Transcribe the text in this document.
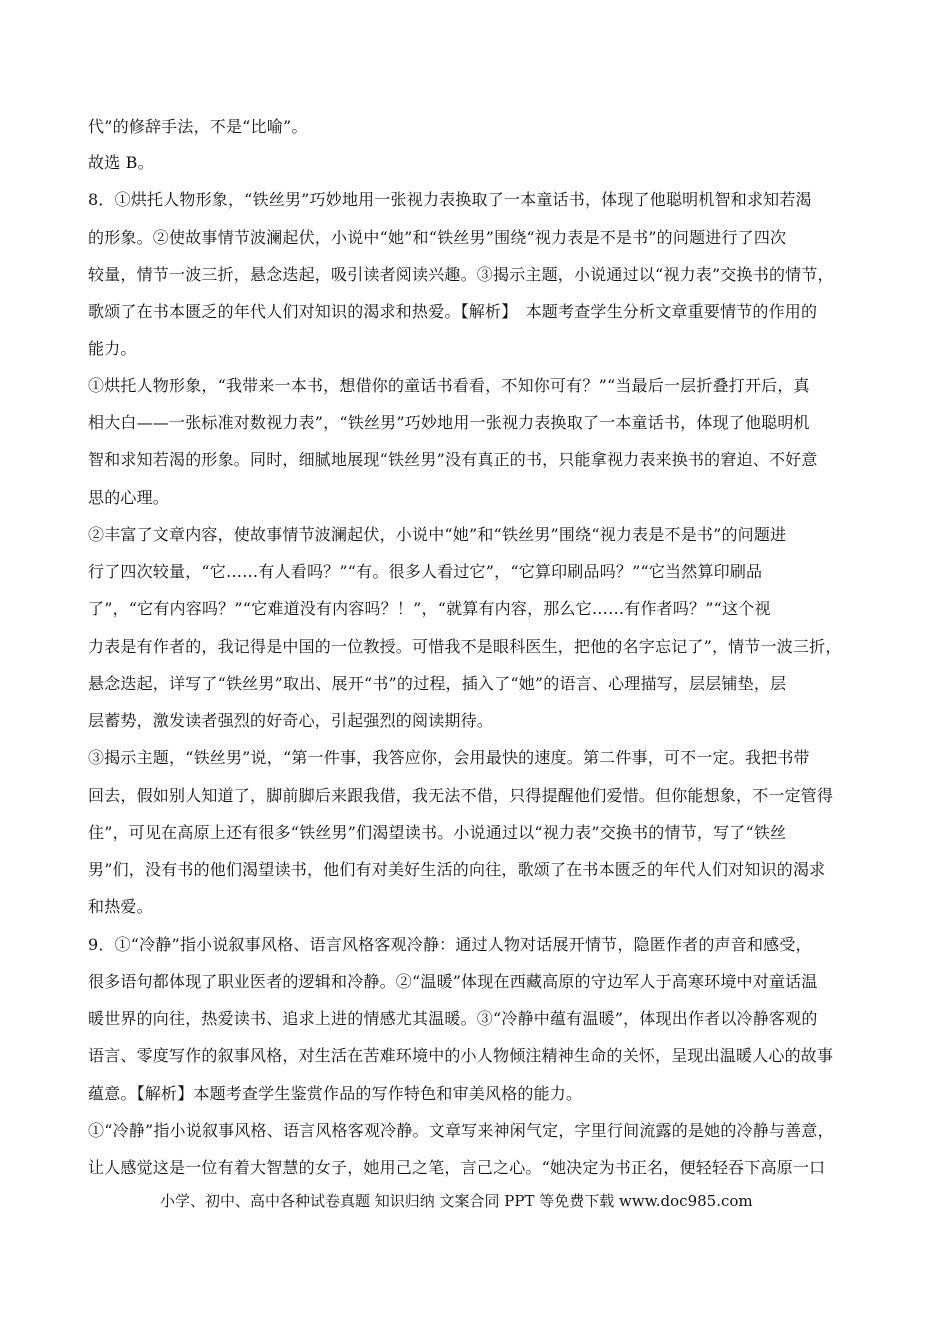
代”的修辞手法，不是“比喻”。
故选 B。
8．①烘托人物形象，“铁丝男”巧妙地用一张视力表换取了一本童话书，体现了他聪明机智和求知若渴
的形象。②使故事情节波澜起伏，小说中“她”和“铁丝男”围绕“视力表是不是书”的问题进行了四次
较量，情节一波三折，悬念迭起，吸引读者阅读兴趣。③揭示主题，小说通过以“视力表”交换书的情节，
歌颂了在书本匮乏的年代人们对知识的渴求和热爱。【解析】　本题考查学生分析文章重要情节的作用的
能力。
①烘托人物形象，“我带来一本书，想借你的童话书看看，不知你可有？”“当最后一层折叠打开后，真
相大白——一张标准对数视力表”，“铁丝男”巧妙地用一张视力表换取了一本童话书，体现了他聪明机
智和求知若渴的形象。同时，细腻地展现“铁丝男”没有真正的书，只能拿视力表来换书的窘迫、不好意
思的心理。
②丰富了文章内容，使故事情节波澜起伏，小说中“她”和“铁丝男”围绕“视力表是不是书”的问题进
行了四次较量，“它……有人看吗？”“有。很多人看过它”，“它算印刷品吗？”“它当然算印刷品
了”，“它有内容吗？”“它难道没有内容吗？！”，“就算有内容，那么它……有作者吗？”“这个视
力表是有作者的，我记得是中国的一位教授。可惜我不是眼科医生，把他的名字忘记了”，情节一波三折，
悬念迭起，详写了“铁丝男”取出、展开“书”的过程，插入了“她”的语言、心理描写，层层铺垫，层
层蓄势，激发读者强烈的好奇心，引起强烈的阅读期待。
③揭示主题，“铁丝男”说，“第一件事，我答应你，会用最快的速度。第二件事，可不一定。我把书带
回去，假如别人知道了，脚前脚后来跟我借，我无法不借，只得提醒他们爱惜。但你能想象，不一定管得
住”，可见在高原上还有很多“铁丝男”们渴望读书。小说通过以“视力表”交换书的情节，写了“铁丝
男”们，没有书的他们渴望读书，他们有对美好生活的向往，歌颂了在书本匮乏的年代人们对知识的渴求
和热爱。
9．①“冷静”指小说叙事风格、语言风格客观冷静：通过人物对话展开情节，隐匿作者的声音和感受，
很多语句都体现了职业医者的逻辑和冷静。②“温暖”体现在西藏高原的守边军人于高寒环境中对童话温
暖世界的向往，热爱读书、追求上进的情感尤其温暖。③“冷静中蕴有温暖”，体现出作者以冷静客观的
语言、零度写作的叙事风格，对生活在苦难环境中的小人物倾注精神生命的关怀，呈现出温暖人心的故事
蕴意。【解析】本题考查学生鉴赏作品的写作特色和审美风格的能力。
①“冷静”指小说叙事风格、语言风格客观冷静。文章写来神闲气定，字里行间流露的是她的冷静与善意，
让人感觉这是一位有着大智慧的女子，她用己之笔，言己之心。“她决定为书正名，便轻轻吞下高原一口
小学、初中、高中各种试卷真题 知识归纳 文案合同 PPT 等免费下载 www.doc985.com
